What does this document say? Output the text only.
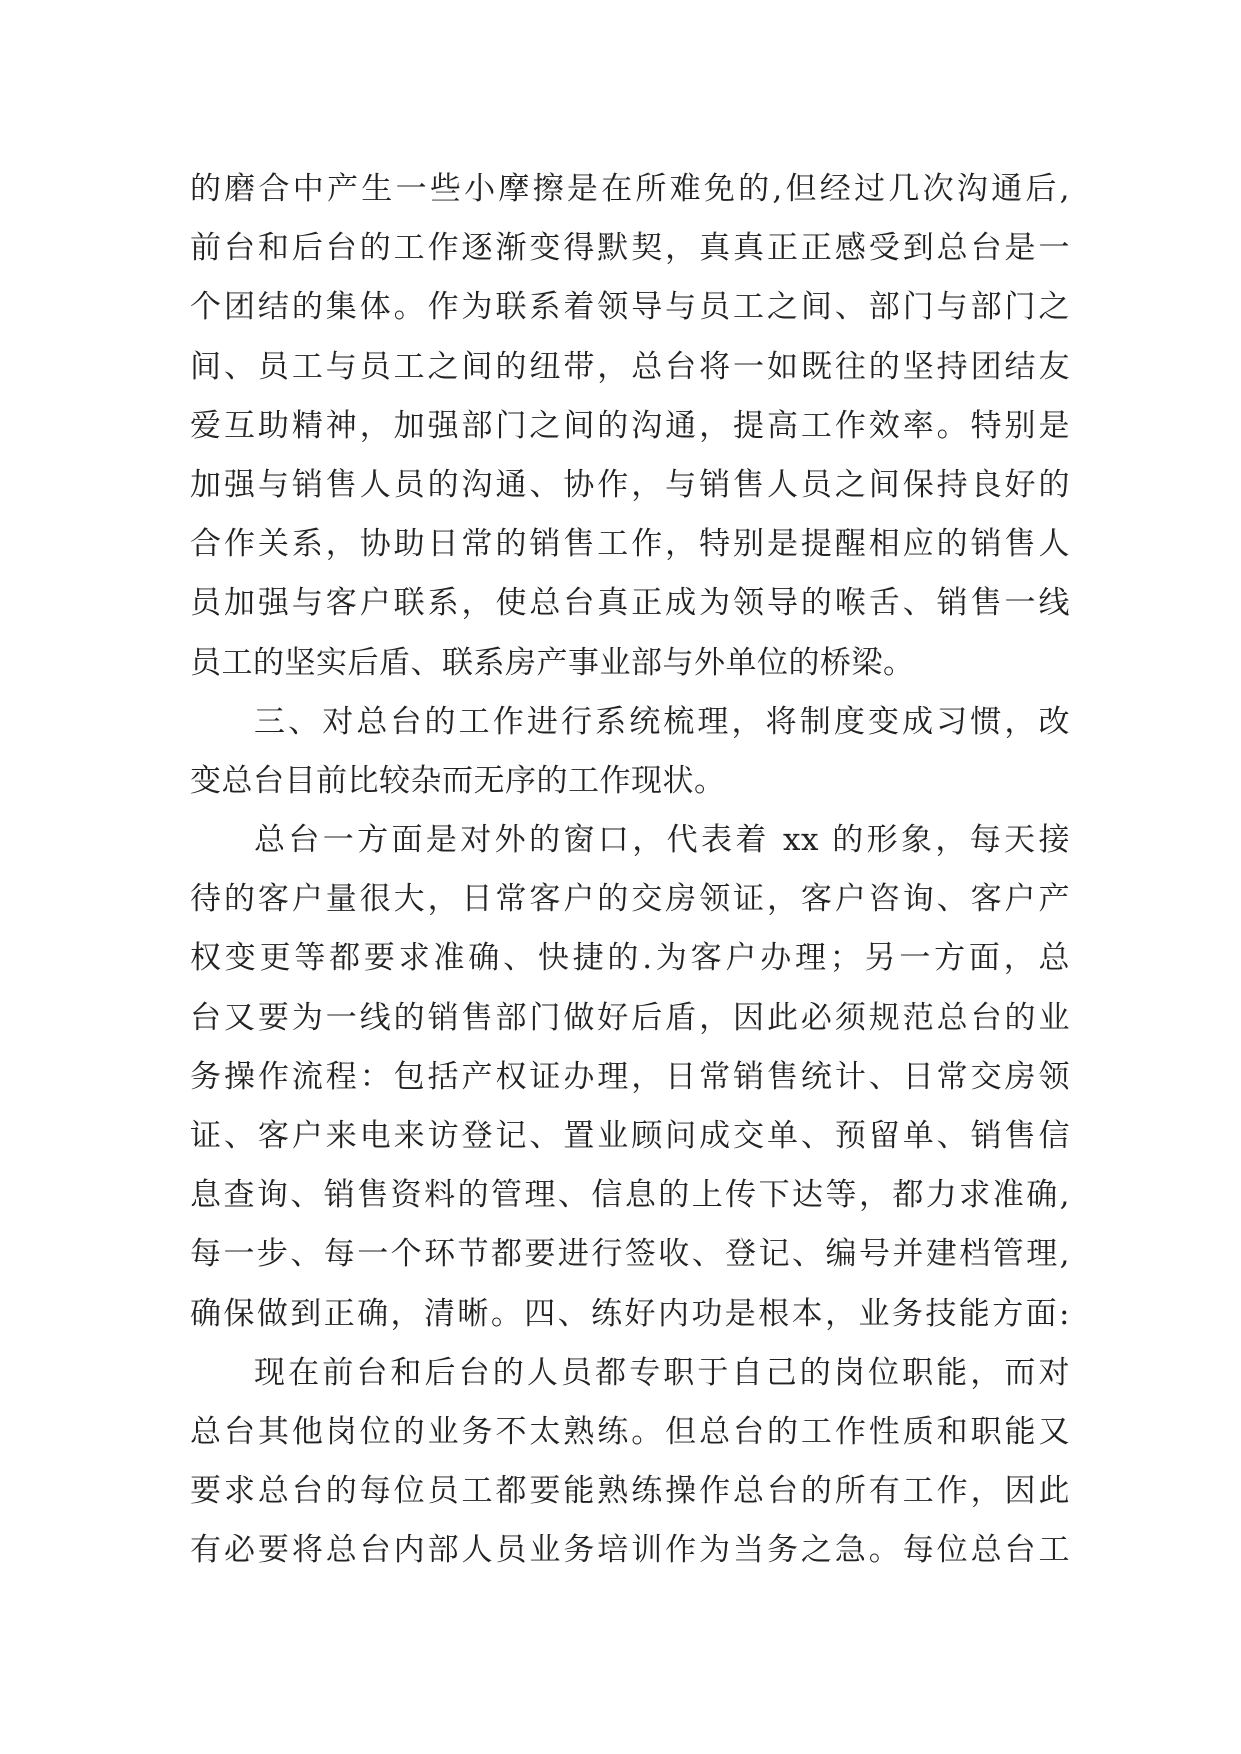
的磨合中产生一些小摩擦是在所难免的,但经过几次沟通后,
前台和后台的工作逐渐变得默契，真真正正感受到总台是一
个团结的集体。作为联系着领导与员工之间、部门与部门之
间、员工与员工之间的纽带，总台将一如既往的坚持团结友
爱互助精神，加强部门之间的沟通，提高工作效率。特别是
加强与销售人员的沟通、协作，与销售人员之间保持良好的
合作关系，协助日常的销售工作，特别是提醒相应的销售人
员加强与客户联系，使总台真正成为领导的喉舌、销售一线
员工的坚实后盾、联系房产事业部与外单位的桥梁。
三、对总台的工作进行系统梳理，将制度变成习惯，改
变总台目前比较杂而无序的工作现状。
总台一方面是对外的窗口，代表着 xx 的形象，每天接
待的客户量很大，日常客户的交房领证，客户咨询、客户产
权变更等都要求准确、快捷的.为客户办理；另一方面，总
台又要为一线的销售部门做好后盾，因此必须规范总台的业
务操作流程：包括产权证办理，日常销售统计、日常交房领
证、客户来电来访登记、置业顾问成交单、预留单、销售信
息查询、销售资料的管理、信息的上传下达等，都力求准确,
每一步、每一个环节都要进行签收、登记、编号并建档管理,
确保做到正确，清晰。四、练好内功是根本，业务技能方面:
现在前台和后台的人员都专职于自己的岗位职能，而对
总台其他岗位的业务不太熟练。但总台的工作性质和职能又
要求总台的每位员工都要能熟练操作总台的所有工作，因此
有必要将总台内部人员业务培训作为当务之急。每位总台工
